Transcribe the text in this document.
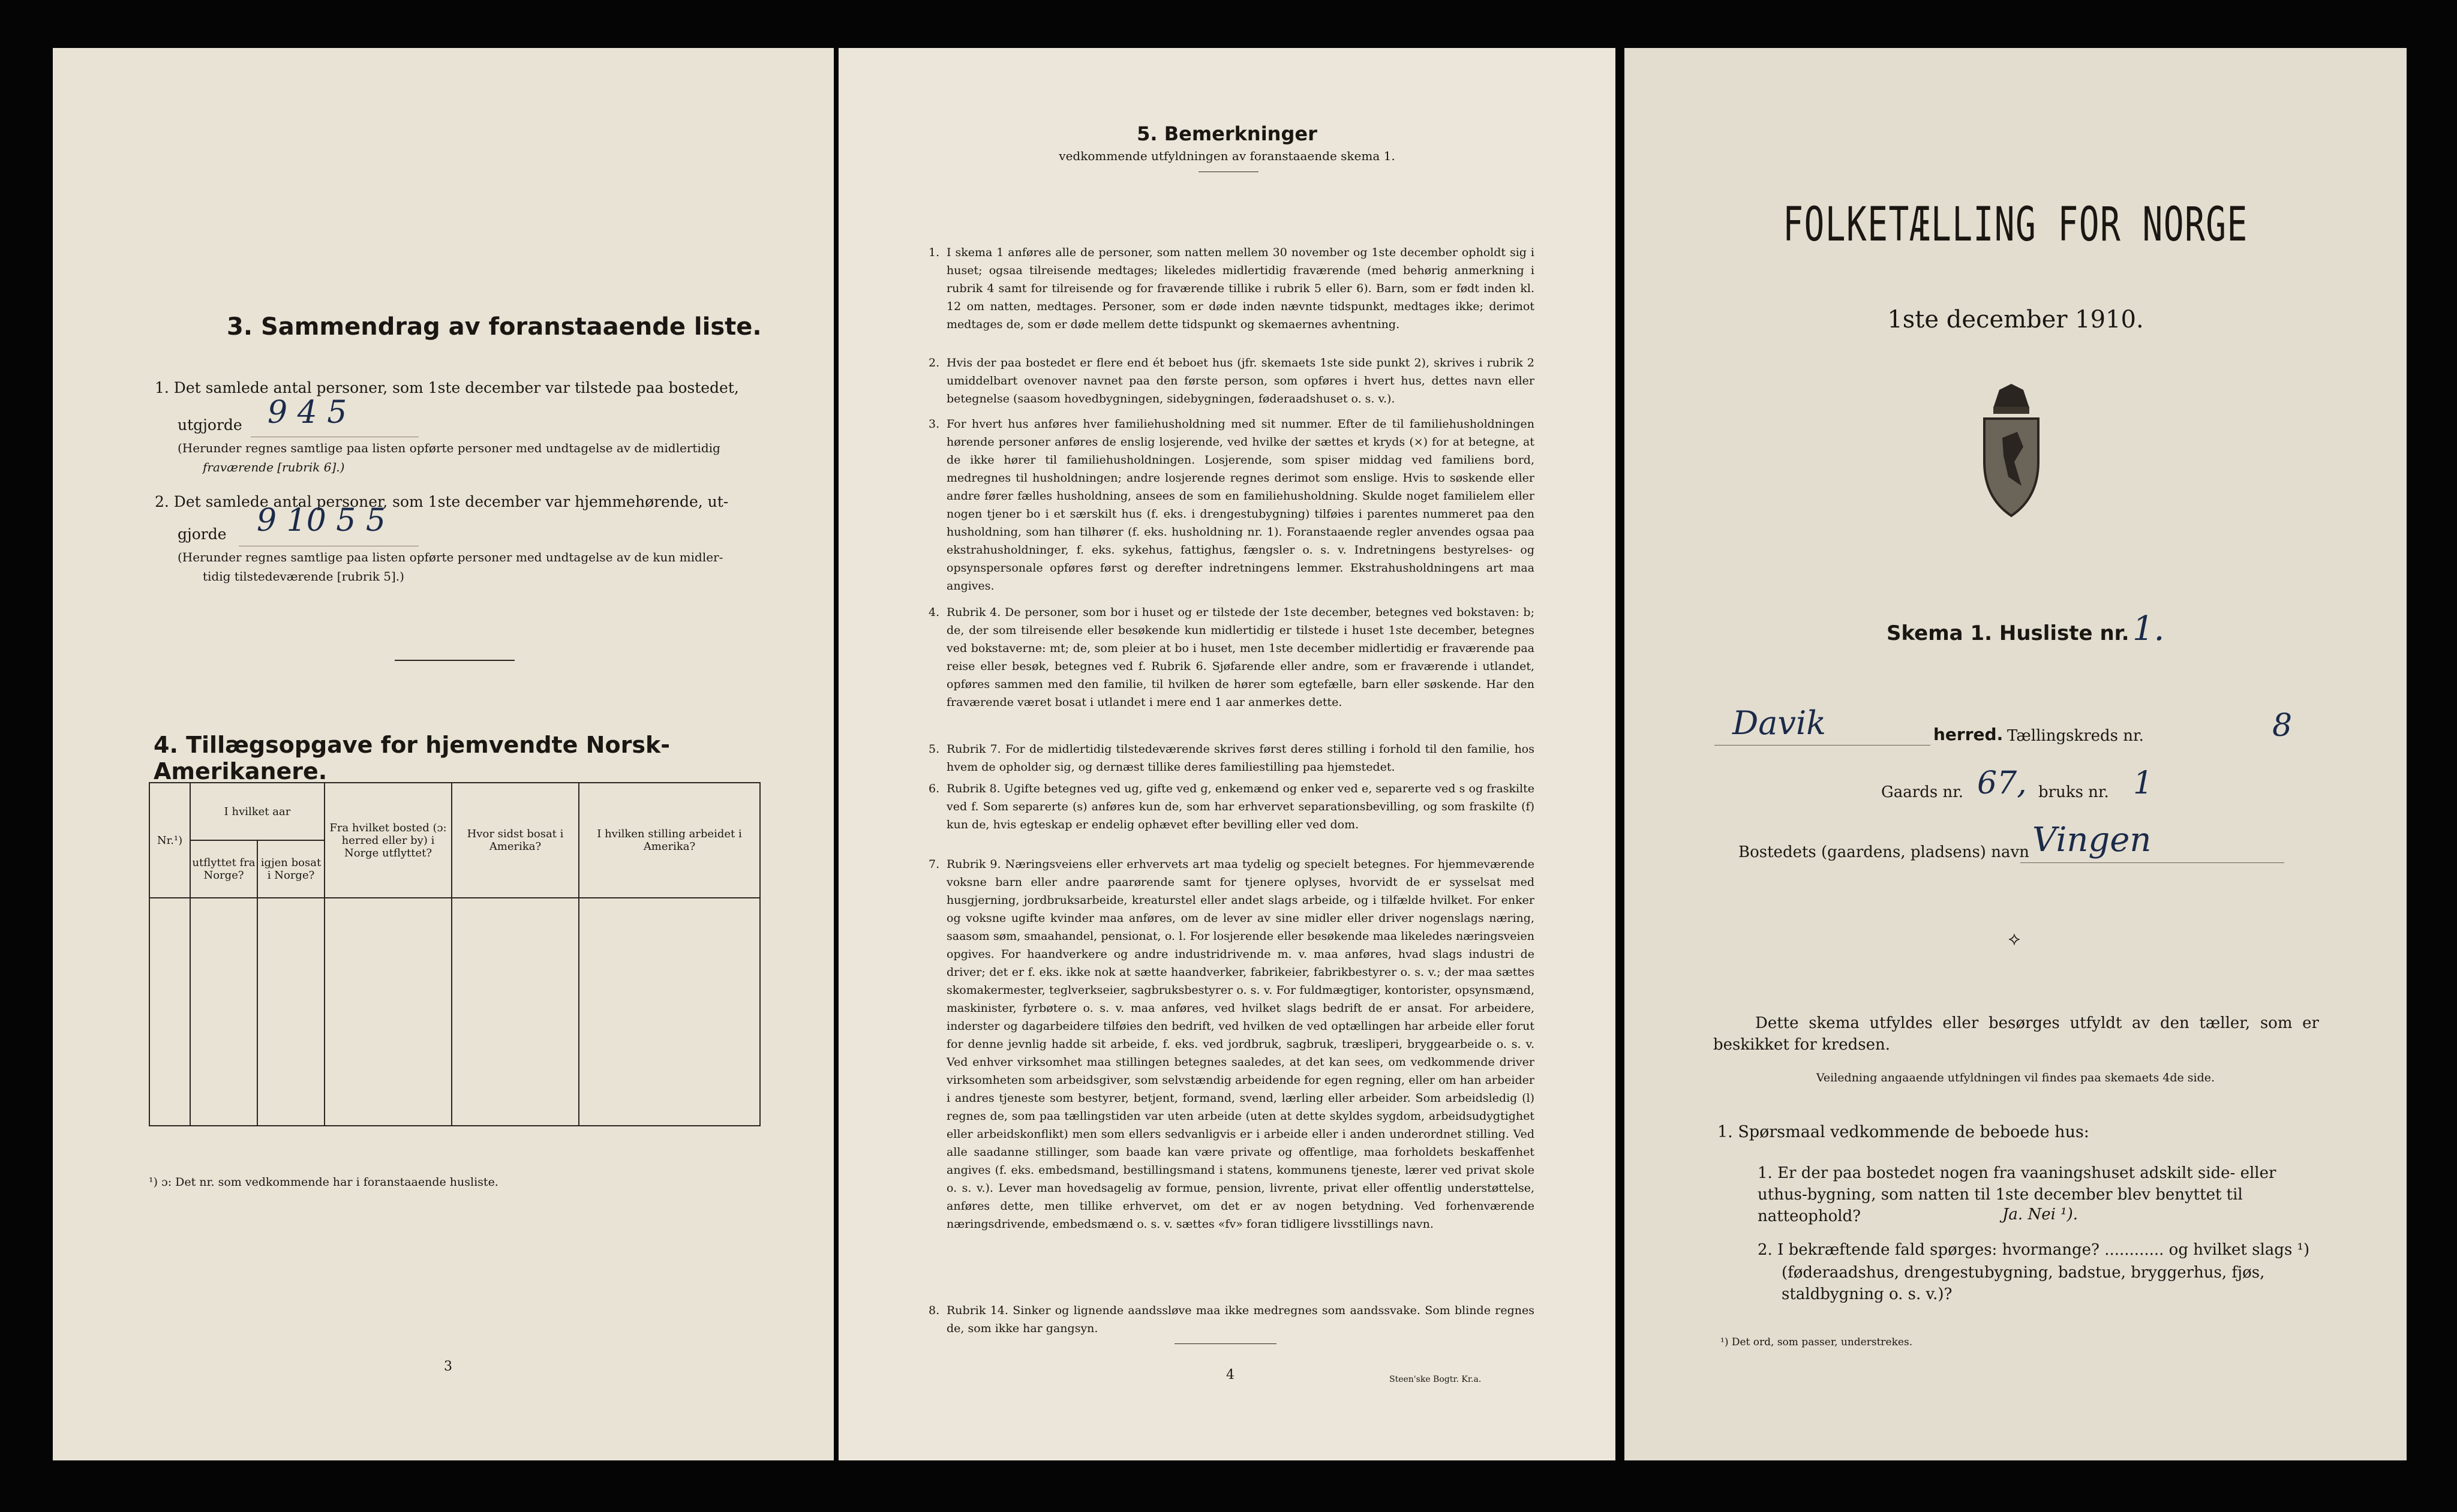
3. Sammendrag av foranstaaende liste.
1. Det samlede antal personer, som 1ste december var tilstede paa bostedet,
utgjorde 9 4 5
(Herunder regnes samtlige paa listen opførte personer med undtagelse av de midlertidig
fraværende [rubrik 6].)
2. Det samlede antal personer, som 1ste december var hjemmehørende, ut-
gjorde 9 10 5 5
(Herunder regnes samtlige paa listen opførte personer med undtagelse av de kun midler-
tidig tilstedeværende [rubrik 5].)
4. Tillægsopgave for hjemvendte Norsk-Amerikanere.
Nr.¹)	I hvilket aar		Fra hvilket bosted (ɔ: herred eller by) i Norge utflyttet?	Hvor sidst bosat i Amerika?	I hvilken stilling arbeidet i Amerika?
	utflyttet fra Norge?	igjen bosat i Norge?			

¹) ɔ: Det nr. som vedkommende har i foranstaaende husliste.
3
5. Bemerkninger
vedkommende utfyldningen av foranstaaende skema 1.
1. I skema 1 anføres alle de personer, som natten mellem 30 november og 1ste december opholdt sig i huset; ogsaa tilreisende medtages; likeledes midlertidig fraværende (med behørig anmerkning i rubrik 4 samt for tilreisende og for fraværende tillike i rubrik 5 eller 6). Barn, som er født inden kl. 12 om natten, medtages. Personer, som er døde inden nævnte tidspunkt, medtages ikke; derimot medtages de, som er døde mellem dette tidspunkt og skemaernes avhentning.
2. Hvis der paa bostedet er flere end ét beboet hus (jfr. skemaets 1ste side punkt 2), skrives i rubrik 2 umiddelbart ovenover navnet paa den første person, som opføres i hvert hus, dettes navn eller betegnelse (saasom hovedbygningen, sidebygningen, føderaadshuset o. s. v.).
3. For hvert hus anføres hver familiehusholdning med sit nummer. Efter de til familiehusholdningen hørende personer anføres de enslig losjerende, ved hvilke der sættes et kryds (×) for at betegne, at de ikke hører til familiehusholdningen. Losjerende, som spiser middag ved familiens bord, medregnes til husholdningen; andre losjerende regnes derimot som enslige. Hvis to søskende eller andre fører fælles husholdning, ansees de som en familiehusholdning. Skulde noget familielem eller nogen tjener bo i et særskilt hus (f. eks. i drengestubygning) tilføies i parentes nummeret paa den husholdning, som han tilhører (f. eks. husholdning nr. 1). Foranstaaende regler anvendes ogsaa paa ekstrahusholdninger, f. eks. sykehus, fattighus, fængsler o. s. v. Indretningens bestyrelses- og opsynspersonale opføres først og derefter indretningens lemmer. Ekstrahusholdningens art maa angives.
4. Rubrik 4. De personer, som bor i huset og er tilstede der 1ste december, betegnes ved bokstaven: b; de, der som tilreisende eller besøkende kun midlertidig er tilstede i huset 1ste december, betegnes ved bokstaverne: mt; de, som pleier at bo i huset, men 1ste december midlertidig er fraværende paa reise eller besøk, betegnes ved f. Rubrik 6. Sjøfarende eller andre, som er fraværende i utlandet, opføres sammen med den familie, til hvilken de hører som egtefælle, barn eller søskende. Har den fraværende været bosat i utlandet i mere end 1 aar anmerkes dette.
5. Rubrik 7. For de midlertidig tilstedeværende skrives først deres stilling i forhold til den familie, hos hvem de opholder sig, og dernæst tillike deres familiestilling paa hjemstedet.
6. Rubrik 8. Ugifte betegnes ved ug, gifte ved g, enkemænd og enker ved e, separerte ved s og fraskilte ved f. Som separerte (s) anføres kun de, som har erhvervet separationsbevilling, og som fraskilte (f) kun de, hvis egteskap er endelig ophævet efter bevilling eller ved dom.
7. Rubrik 9. Næringsveiens eller erhvervets art maa tydelig og specielt betegnes. For hjemmeværende voksne barn eller andre paarørende samt for tjenere oplyses, hvorvidt de er sysselsat med husgjerning, jordbruksarbeide, kreaturstel eller andet slags arbeide, og i tilfælde hvilket. For enker og voksne ugifte kvinder maa anføres, om de lever av sine midler eller driver nogenslags næring, saasom søm, smaahandel, pensionat, o. l. For losjerende eller besøkende maa likeledes næringsveien opgives. For haandverkere og andre industridrivende m. v. maa anføres, hvad slags industri de driver; det er f. eks. ikke nok at sætte haandverker, fabrikeier, fabrikbestyrer o. s. v.; der maa sættes skomakermester, teglverkseier, sagbruksbestyrer o. s. v. For fuldmægtiger, kontorister, opsynsmænd, maskinister, fyrbøtere o. s. v. maa anføres, ved hvilket slags bedrift de er ansat. For arbeidere, inderster og dagarbeidere tilføies den bedrift, ved hvilken de ved optællingen har arbeide eller forut for denne jevnlig hadde sit arbeide, f. eks. ved jordbruk, sagbruk, træsliperi, bryggearbeide o. s. v. Ved enhver virksomhet maa stillingen betegnes saaledes, at det kan sees, om vedkommende driver virksomheten som arbeidsgiver, som selvstændig arbeidende for egen regning, eller om han arbeider i andres tjeneste som bestyrer, betjent, formand, svend, lærling eller arbeider. Som arbeidsledig (l) regnes de, som paa tællingstiden var uten arbeide (uten at dette skyldes sygdom, arbeidsudygtighet eller arbeidskonflikt) men som ellers sedvanligvis er i arbeide eller i anden underordnet stilling. Ved alle saadanne stillinger, som baade kan være private og offentlige, maa forholdets beskaffenhet angives (f. eks. embedsmand, bestillingsmand i statens, kommunens tjeneste, lærer ved privat skole o. s. v.). Lever man hovedsagelig av formue, pension, livrente, privat eller offentlig understøttelse, anføres dette, men tillike erhvervet, om det er av nogen betydning. Ved forhenværende næringsdrivende, embedsmænd o. s. v. sættes «fv» foran tidligere livsstillings navn.
8. Rubrik 14. Sinker og lignende aandssløve maa ikke medregnes som aandssvake. Som blinde regnes de, som ikke har gangsyn.
4	Steen'ske Bogtr. Kr.a.
FOLKETÆLLING FOR NORGE
1ste december 1910.
Skema 1. Husliste nr. 1.
Davik	herred. Tællingskreds nr.	8
Gaards nr. 67, bruks nr. 1
Bostedets (gaardens, pladsens) navn Vingen
⟡
Dette skema utfyldes eller besørges utfyldt av den tæller, som er beskikket for kredsen.
Veiledning angaaende utfyldningen vil findes paa skemaets 4de side.
1. Spørsmaal vedkommende de beboede hus:
1. Er der paa bostedet nogen fra vaaningshuset adskilt side- eller uthus-bygning, som natten til 1ste december blev benyttet til natteophold?	Ja. Nei ¹).
2. I bekræftende fald spørges: hvormange? ............ og hvilket slags ¹)
(føderaadshus, drengestubygning, badstue, bryggerhus, fjøs, staldbygning o. s. v.)?
¹) Det ord, som passer, understrekes.
